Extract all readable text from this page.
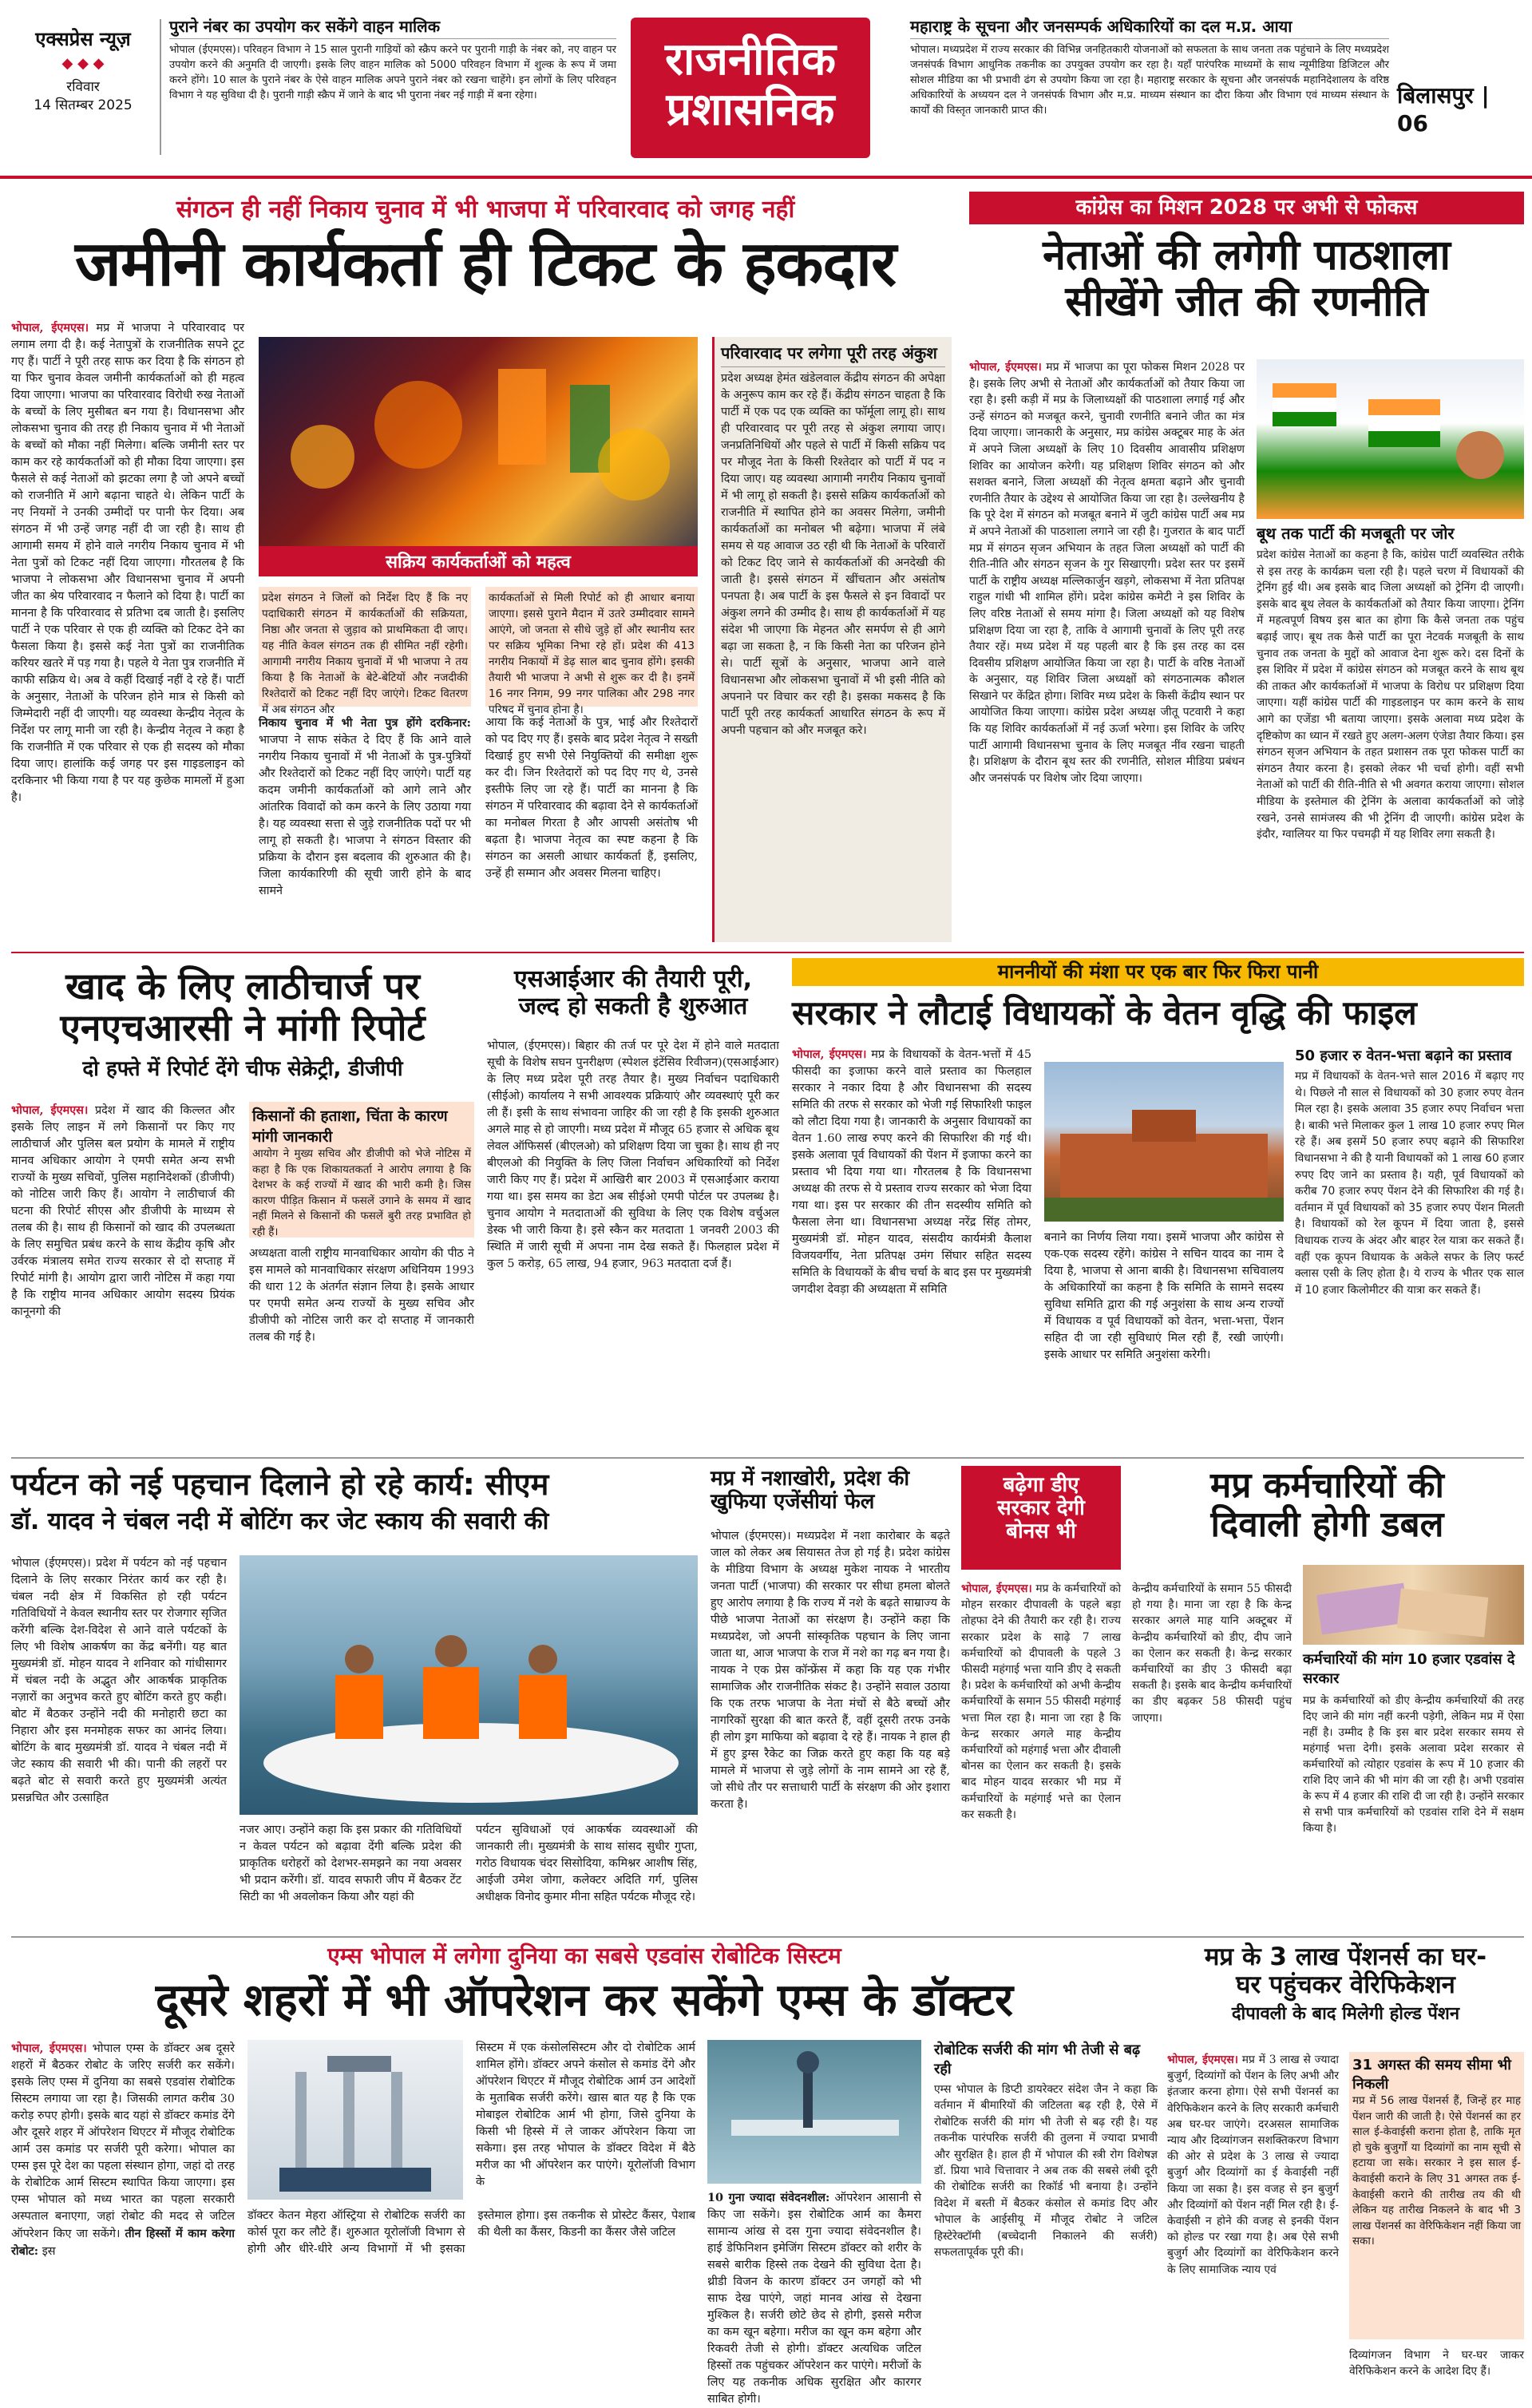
एक्सप्रेस न्यूज़
◆ ◆ ◆
रविवार
14 सितम्बर 2025
पुराने नंबर का उपयोग कर सकेंगे वाहन मालिक
भोपाल (ईएमएस)। परिवहन विभाग ने 15 साल पुरानी गाड़ियों को स्क्रैप करने पर पुरानी गाड़ी के नंबर को, नए वाहन पर उपयोग करने की अनुमति दी जाएगी। इसके लिए वाहन मालिक को 5000 परिवहन विभाग में शुल्क के रूप में जमा करने होंगे। 10 साल के पुराने नंबर के ऐसे वाहन मालिक अपने पुराने नंबर को रखना चाहेंगे। इन लोगों के लिए परिवहन विभाग ने यह सुविधा दी है। पुरानी गाड़ी स्क्रैप में जाने के बाद भी पुराना नंबर नई गाड़ी में बना रहेगा।
राजनीतिक
प्रशासनिक
महाराष्ट्र के सूचना और जनसम्पर्क अधिकारियों का दल म.प्र. आया
भोपाल। मध्यप्रदेश में राज्य सरकार की विभिन्न जनहितकारी योजनाओं को सफलता के साथ जनता तक पहुंचाने के लिए मध्यप्रदेश जनसंपर्क विभाग आधुनिक तकनीक का उपयुक्त उपयोग कर रहा है। यहाँ पारंपरिक माध्यमों के साथ न्यूमीडिया डिजिटल और सोशल मीडिया का भी प्रभावी ढंग से उपयोग किया जा रहा है। महाराष्ट्र सरकार के सूचना और जनसंपर्क महानिदेशालय के वरिष्ठ अधिकारियों के अध्ययन दल ने जनसंपर्क विभाग और म.प्र. माध्यम संस्थान का दौरा किया और विभाग एवं माध्यम संस्थान के कार्यों की विस्तृत जानकारी प्राप्त की।
बिलासपुर | 06
संगठन ही नहीं निकाय चुनाव में भी भाजपा में परिवारवाद को जगह नहीं
जमीनी कार्यकर्ता ही टिकट के हकदार
भोपाल, ईएमएस। मप्र में भाजपा ने परिवारवाद पर लगाम लगा दी है। कई नेतापुत्रों के राजनीतिक सपने टूट गए हैं। पार्टी ने पूरी तरह साफ कर दिया है कि संगठन हो या फिर चुनाव केवल जमीनी कार्यकर्ताओं को ही महत्व दिया जाएगा। भाजपा का परिवारवाद विरोधी रुख नेताओं के बच्चों के लिए मुसीबत बन गया है। विधानसभा और लोकसभा चुनाव की तरह ही निकाय चुनाव में भी नेताओं के बच्चों को मौका नहीं मिलेगा। बल्कि जमीनी स्तर पर काम कर रहे कार्यकर्ताओं को ही मौका दिया जाएगा। इस फैसले से कई नेताओं को झटका लगा है जो अपने बच्चों को राजनीति में आगे बढ़ाना चाहते थे। लेकिन पार्टी के नए नियमों ने उनकी उम्मीदों पर पानी फेर दिया। अब संगठन में भी उन्हें जगह नहीं दी जा रही है। साथ ही आगामी समय में होने वाले नगरीय निकाय चुनाव में भी नेता पुत्रों को टिकट नहीं दिया जाएगा। गौरतलब है कि भाजपा ने लोकसभा और विधानसभा चुनाव में अपनी जीत का श्रेय परिवारवाद न फैलाने को दिया है। पार्टी का मानना है कि परिवारवाद से प्रतिभा दब जाती है। इसलिए पार्टी ने एक परिवार से एक ही व्यक्ति को टिकट देने का फैसला किया है। इससे कई नेता पुत्रों का राजनीतिक करियर खतरे में पड़ गया है। पहले ये नेता पुत्र राजनीति में काफी सक्रिय थे। अब वे कहीं दिखाई नहीं दे रहे हैं। पार्टी के अनुसार, नेताओं के परिजन होने मात्र से किसी को जिम्मेदारी नहीं दी जाएगी। यह व्यवस्था केन्द्रीय नेतृत्व के निर्देश पर लागू मानी जा रही है। केन्द्रीय नेतृत्व ने कहा है कि राजनीति में एक परिवार से एक ही सदस्य को मौका दिया जाए। हालांकि कई जगह पर इस गाइडलाइन को दरकिनार भी किया गया है पर यह कुछेक मामलों में हुआ है।
सक्रिय कार्यकर्ताओं को महत्व
प्रदेश संगठन ने जिलों को निर्देश दिए हैं कि नए पदाधिकारी संगठन में कार्यकर्ताओं की सक्रियता, निष्ठा और जनता से जुड़ाव को प्राथमिकता दी जाए। यह नीति केवल संगठन तक ही सीमित नहीं रहेगी। आगामी नगरीय निकाय चुनावों में भी भाजपा ने तय किया है कि नेताओं के बेटे-बेटियों और नजदीकी रिश्तेदारों को टिकट नहीं दिए जाएंगे। टिकट वितरण में अब संगठन और
निकाय चुनाव में भी नेता पुत्र होंगे दरकिनार: भाजपा ने साफ संकेत दे दिए हैं कि आने वाले नगरीय निकाय चुनावों में भी नेताओं के पुत्र-पुत्रियों और रिश्तेदारों को टिकट नहीं दिए जाएंगे। पार्टी यह कदम जमीनी कार्यकर्ताओं को आगे लाने और आंतरिक विवादों को कम करने के लिए उठाया गया है। यह व्यवस्था सत्ता से जुड़े राजनीतिक पदों पर भी लागू हो सकती है। भाजपा ने संगठन विस्तार की प्रक्रिया के दौरान इस बदलाव की शुरुआत की है। जिला कार्यकारिणी की सूची जारी होने के बाद सामने
कार्यकर्ताओं से मिली रिपोर्ट को ही आधार बनाया जाएगा। इससे पुराने मैदान में उतरे उम्मीदवार सामने आएंगे, जो जनता से सीधे जुड़े हों और स्थानीय स्तर पर सक्रिय भूमिका निभा रहे हों। प्रदेश की 413 नगरीय निकायों में डेढ़ साल बाद चुनाव होंगे। इसकी तैयारी भी भाजपा ने अभी से शुरू कर दी है। इनमें 16 नगर निगम, 99 नगर पालिका और 298 नगर परिषद में चुनाव होना है।
आया कि कई नेताओं के पुत्र, भाई और रिश्तेदारों को पद दिए गए हैं। इसके बाद प्रदेश नेतृत्व ने सख्ती दिखाई हुए सभी ऐसे नियुक्तियों की समीक्षा शुरू कर दी। जिन रिश्तेदारों को पद दिए गए थे, उनसे इस्तीफे लिए जा रहे हैं। पार्टी का मानना है कि संगठन में परिवारवाद की बढ़ावा देने से कार्यकर्ताओं का मनोबल गिरता है और आपसी असंतोष भी बढ़ता है। भाजपा नेतृत्व का स्पष्ट कहना है कि संगठन का असली आधार कार्यकर्ता हैं, इसलिए, उन्हें ही सम्मान और अवसर मिलना चाहिए।
परिवारवाद पर लगेगा पूरी तरह अंकुश
प्रदेश अध्यक्ष हेमंत खंडेलवाल केंद्रीय संगठन की अपेक्षा के अनुरूप काम कर रहे हैं। केंद्रीय संगठन चाहता है कि पार्टी में एक पद एक व्यक्ति का फॉर्मूला लागू हो। साथ ही परिवारवाद पर पूरी तरह से अंकुश लगाया जाए। जनप्रतिनिधियों और पहले से पार्टी में किसी सक्रिय पद पर मौजूद नेता के किसी रिश्तेदार को पार्टी में पद न दिया जाए। यह व्यवस्था आगामी नगरीय निकाय चुनावों में भी लागू हो सकती है। इससे सक्रिय कार्यकर्ताओं को राजनीति में स्थापित होने का अवसर मिलेगा, जमीनी कार्यकर्ताओं का मनोबल भी बढ़ेगा। भाजपा में लंबे समय से यह आवाज उठ रही थी कि नेताओं के परिवारों को टिकट दिए जाने से कार्यकर्ताओं की अनदेखी की जाती है। इससे संगठन में खींचतान और असंतोष पनपता है। अब पार्टी के इस फैसले से इन विवादों पर अंकुश लगने की उम्मीद है। साथ ही कार्यकर्ताओं में यह संदेश भी जाएगा कि मेहनत और समर्पण से ही आगे बढ़ा जा सकता है, न कि किसी नेता का परिजन होने से। पार्टी सूत्रों के अनुसार, भाजपा आने वाले विधानसभा और लोकसभा चुनावों में भी इसी नीति को अपनाने पर विचार कर रही है। इसका मकसद है कि पार्टी पूरी तरह कार्यकर्ता आधारित संगठन के रूप में अपनी पहचान को और मजबूत करे।
कांग्रेस का मिशन 2028 पर अभी से फोकस
नेताओं की लगेगी पाठशाला
सीखेंगे जीत की रणनीति
भोपाल, ईएमएस। मप्र में भाजपा का पूरा फोकस मिशन 2028 पर है। इसके लिए अभी से नेताओं और कार्यकर्ताओं को तैयार किया जा रहा है। इसी कड़ी में मप्र के जिलाध्यक्षों की पाठशाला लगाई गई और उन्हें संगठन को मजबूत करने, चुनावी रणनीति बनाने जीत का मंत्र दिया जाएगा। जानकारी के अनुसार, मप्र कांग्रेस अक्टूबर माह के अंत में अपने जिला अध्यक्षों के लिए 10 दिवसीय आवासीय प्रशिक्षण शिविर का आयोजन करेगी। यह प्रशिक्षण शिविर संगठन को और सशक्त बनाने, जिला अध्यक्षों की नेतृत्व क्षमता बढ़ाने और चुनावी रणनीति तैयार के उद्देश्य से आयोजित किया जा रहा है। उल्लेखनीय है कि पूरे देश में संगठन को मजबूत बनाने में जुटी कांग्रेस पार्टी अब मप्र में अपने नेताओं की पाठशाला लगाने जा रही है। गुजरात के बाद पार्टी मप्र में संगठन सृजन अभियान के तहत जिला अध्यक्षों को पार्टी की रीति-नीति और संगठन सृजन के गुर सिखाएगी। प्रदेश स्तर पर इसमें पार्टी के राष्ट्रीय अध्यक्ष मल्लिकार्जुन खड़गे, लोकसभा में नेता प्रतिपक्ष राहुल गांधी भी शामिल होंगे। प्रदेश कांग्रेस कमेटी ने इस शिविर के लिए वरिष्ठ नेताओं से समय मांगा है। जिला अध्यक्षों को यह विशेष प्रशिक्षण दिया जा रहा है, ताकि वे आगामी चुनावों के लिए पूरी तरह तैयार रहें। मध्य प्रदेश में यह पहली बार है कि इस तरह का दस दिवसीय प्रशिक्षण आयोजित किया जा रहा है। पार्टी के वरिष्ठ नेताओं के अनुसार, यह शिविर जिला अध्यक्षों को संगठनात्मक कौशल सिखाने पर केंद्रित होगा। शिविर मध्य प्रदेश के किसी केंद्रीय स्थान पर आयोजित किया जाएगा। कांग्रेस प्रदेश अध्यक्ष जीतू पटवारी ने कहा कि यह शिविर कार्यकर्ताओं में नई ऊर्जा भरेगा। इस शिविर के जरिए पार्टी आगामी विधानसभा चुनाव के लिए मजबूत नींव रखना चाहती है। प्रशिक्षण के दौरान बूथ स्तर की रणनीति, सोशल मीडिया प्रबंधन और जनसंपर्क पर विशेष जोर दिया जाएगा।
बूथ तक पार्टी की मजबूती पर जोर
प्रदेश कांग्रेस नेताओं का कहना है कि, कांग्रेस पार्टी व्यवस्थित तरीके से इस तरह के कार्यक्रम चला रही है। पहले चरण में विधायकों की ट्रेनिंग हुई थी। अब इसके बाद जिला अध्यक्षों को ट्रेनिंग दी जाएगी। इसके बाद बूथ लेवल के कार्यकर्ताओं को तैयार किया जाएगा। ट्रेनिंग में महत्वपूर्ण विषय इस बात का होगा कि कैसे जनता तक पहुंच बढ़ाई जाए। बूथ तक कैसे पार्टी का पूरा नेटवर्क मजबूती के साथ चुनाव तक जनता के मुद्दों को आवाज देना शुरू करे। दस दिनों के इस शिविर में प्रदेश में कांग्रेस संगठन को मजबूत करने के साथ बूथ की ताकत और कार्यकर्ताओं में भाजपा के विरोध पर प्रशिक्षण दिया जाएगा। यहीं कांग्रेस पार्टी की गाइडलाइन पर काम करने के साथ आगे का एजेंडा भी बताया जाएगा। इसके अलावा मध्य प्रदेश के दृष्टिकोण का ध्यान में रखते हुए अलग-अलग एंजेडा तैयार किया। इस संगठन सृजन अभियान के तहत प्रशासन तक पूरा फोकस पार्टी का संगठन तैयार करना है। इसको लेकर भी चर्चा होगी। वहीं सभी नेताओं को पार्टी की रीति-नीति से भी अवगत कराया जाएगा। सोशल मीडिया के इस्तेमाल की ट्रेनिंग के अलावा कार्यकर्ताओं को जोड़े रखने, उनसे सामंजस्य की भी ट्रेनिंग दी जाएगी। कांग्रेस प्रदेश के इंदौर, ग्वालियर या फिर पचमढ़ी में यह शिविर लगा सकती है।
खाद के लिए लाठीचार्ज पर
एनएचआरसी ने मांगी रिपोर्ट
दो हफ्ते में रिपोर्ट देंगे चीफ सेक्रेट्री, डीजीपी
भोपाल, ईएमएस। प्रदेश में खाद की किल्लत और इसके लिए लाइन में लगे किसानों पर किए गए लाठीचार्ज और पुलिस बल प्रयोग के मामले में राष्ट्रीय मानव अधिकार आयोग ने एमपी समेत अन्य सभी राज्यों के मुख्य सचिवों, पुलिस महानिदेशकों (डीजीपी) को नोटिस जारी किए हैं। आयोग ने लाठीचार्ज की घटना की रिपोर्ट सीएस और डीजीपी के माध्यम से तलब की है। साथ ही किसानों को खाद की उपलब्धता के लिए समुचित प्रबंध करने के साथ केंद्रीय कृषि और उर्वरक मंत्रालय समेत राज्य सरकार से दो सप्ताह में रिपोर्ट मांगी है। आयोग द्वारा जारी नोटिस में कहा गया है कि राष्ट्रीय मानव अधिकार आयोग सदस्य प्रियंक कानूनगो की
किसानों की हताशा, चिंता के कारण मांगी जानकारी
आयोग ने मुख्य सचिव और डीजीपी को भेजे नोटिस में कहा है कि एक शिकायतकर्ता ने आरोप लगाया है कि देशभर के कई राज्यों में खाद की भारी कमी है। जिस कारण पीड़ित किसान में फसलें उगाने के समय में खाद नहीं मिलने से किसानों की फसलें बुरी तरह प्रभावित हो रही हैं।
अध्यक्षता वाली राष्ट्रीय मानवाधिकार आयोग की पीठ ने इस मामले को मानवाधिकार संरक्षण अधिनियम 1993 की धारा 12 के अंतर्गत संज्ञान लिया है। इसके आधार पर एमपी समेत अन्य राज्यों के मुख्य सचिव और डीजीपी को नोटिस जारी कर दो सप्ताह में जानकारी तलब की गई है।
एसआईआर की तैयारी पूरी,
जल्द हो सकती है शुरुआत
भोपाल, (ईएमएस)। बिहार की तर्ज पर पूरे देश में होने वाले मतदाता सूची के विशेष सघन पुनरीक्षण (स्पेशल इंटेंसिव रिवीजन)(एसआईआर) के लिए मध्य प्रदेश पूरी तरह तैयार है। मुख्य निर्वाचन पदाधिकारी (सीईओ) कार्यालय ने सभी आवश्यक प्रक्रियाएं और व्यवस्थाएं पूरी कर ली हैं। इसी के साथ संभावना जाहिर की जा रही है कि इसकी शुरुआत अगले माह से हो जाएगी। मध्य प्रदेश में मौजूद 65 हजार से अधिक बूथ लेवल ऑफिसर्स (बीएलओ) को प्रशिक्षण दिया जा चुका है। साथ ही नए बीएलओ की नियुक्ति के लिए जिला निर्वाचन अधिकारियों को निर्देश जारी किए गए हैं। प्रदेश में आखिरी बार 2003 में एसआईआर कराया गया था। इस समय का डेटा अब सीईओ एमपी पोर्टल पर उपलब्ध है। चुनाव आयोग ने मतदाताओं की सुविधा के लिए एक विशेष वर्चुअल डेस्क भी जारी किया है। इसे स्कैन कर मतदाता 1 जनवरी 2003 की स्थिति में जारी सूची में अपना नाम देख सकते हैं। फिलहाल प्रदेश में कुल 5 करोड़, 65 लाख, 94 हजार, 963 मतदाता दर्ज हैं।
माननीयों की मंशा पर एक बार फिर फिरा पानी
सरकार ने लौटाई विधायकों के वेतन वृद्धि की फाइल
भोपाल, ईएमएस। मप्र के विधायकों के वेतन-भत्तों में 45 फीसदी का इजाफा करने वाले प्रस्ताव का फिलहाल सरकार ने नकार दिया है और विधानसभा की सदस्य समिति की तरफ से सरकार को भेजी गई सिफारिशी फाइल को लौटा दिया गया है। जानकारी के अनुसार विधायकों का वेतन 1.60 लाख रुपए करने की सिफारिश की गई थी। इसके अलावा पूर्व विधायकों की पेंशन में इजाफा करने का प्रस्ताव भी दिया गया था। गौरतलब है कि विधानसभा अध्यक्ष की तरफ से ये प्रस्ताव राज्य सरकार को भेजा दिया गया था। इस पर सरकार की तीन सदस्यीय समिति को फैसला लेना था। विधानसभा अध्यक्ष नरेंद्र सिंह तोमर, मुख्यमंत्री डॉ. मोहन यादव, संसदीय कार्यमंत्री कैलाश विजयवर्गीय, नेता प्रतिपक्ष उमंग सिंघार सहित सदस्य समिति के विधायकों के बीच चर्चा के बाद इस पर मुख्यमंत्री जगदीश देवड़ा की अध्यक्षता में समिति
बनाने का निर्णय लिया गया। इसमें भाजपा और कांग्रेस से एक-एक सदस्य रहेंगे। कांग्रेस ने सचिन यादव का नाम दे दिया है, भाजपा से आना बाकी है। विधानसभा सचिवालय के अधिकारियों का कहना है कि समिति के सामने सदस्य सुविधा समिति द्वारा की गई अनुशंसा के साथ अन्य राज्यों में विधायक व पूर्व विधायकों को वेतन, भत्ता-भत्ता, पेंशन सहित दी जा रही सुविधाएं मिल रही हैं, रखी जाएंगी। इसके आधार पर समिति अनुशंसा करेगी।
50 हजार रु वेतन-भत्ता बढ़ाने का प्रस्ताव
मप्र में विधायकों के वेतन-भत्ते साल 2016 में बढ़ाए गए थे। पिछले नौ साल से विधायकों को 30 हजार रुपए वेतन मिल रहा है। इसके अलावा 35 हजार रुपए निर्वाचन भत्ता है। बाकी भत्ते मिलाकर कुल 1 लाख 10 हजार रुपए मिल रहे हैं। अब इसमें 50 हजार रुपए बढ़ाने की सिफारिश विधानसभा ने की है यानी विधायकों को 1 लाख 60 हजार रुपए दिए जाने का प्रस्ताव है। यही, पूर्व विधायकों को करीब 70 हजार रुपए पेंशन देने की सिफारिश की गई है। वर्तमान में पूर्व विधायकों को 35 हजार रुपए पेंशन मिलती है। विधायकों को रेल कूपन में दिया जाता है, इससे विधायक राज्य के अंदर और बाहर रेल यात्रा कर सकते हैं। वहीं एक कूपन विधायक के अकेले सफर के लिए फर्स्ट क्लास एसी के लिए होता है। ये राज्य के भीतर एक साल में 10 हजार किलोमीटर की यात्रा कर सकते हैं।
पर्यटन को नई पहचान दिलाने हो रहे कार्य: सीएम
डॉ. यादव ने चंबल नदी में बोटिंग कर जेट स्काय की सवारी की
भोपाल (ईएमएस)। प्रदेश में पर्यटन को नई पहचान दिलाने के लिए सरकार निरंतर कार्य कर रही है। चंबल नदी क्षेत्र में विकसित हो रही पर्यटन गतिविधियों ने केवल स्थानीय स्तर पर रोजगार सृजित करेंगी बल्कि देश-विदेश से आने वाले पर्यटकों के लिए भी विशेष आकर्षण का केंद्र बनेंगी। यह बात मुख्यमंत्री डॉ. मोहन यादव ने शनिवार को गांधीसागर में चंबल नदी के अद्भुत और आकर्षक प्राकृतिक नज़ारों का अनुभव करते हुए बोटिंग करते हुए कही। बोट में बैठकर उन्होंने नदी की मनोहारी छटा का निहारा और इस मनमोहक सफर का आनंद लिया। बोटिंग के बाद मुख्यमंत्री डॉ. यादव ने चंबल नदी में जेट स्काय की सवारी भी की। पानी की लहरों पर बढ़ते बोट से सवारी करते हुए मुख्यमंत्री अत्यंत प्रसन्नचित और उत्साहित
नजर आए। उन्होंने कहा कि इस प्रकार की गतिविधियों न केवल पर्यटन को बढ़ावा देंगी बल्कि प्रदेश की प्राकृतिक धरोहरों को देशभर-समझने का नया अवसर भी प्रदान करेंगी। डॉ. यादव सफारी जीप में बैठकर टेंट सिटी का भी अवलोकन किया और यहां की
पर्यटन सुविधाओं एवं आकर्षक व्यवस्थाओं की जानकारी ली। मुख्यमंत्री के साथ सांसद सुधीर गुप्ता, गरोठ विधायक चंदर सिसोदिया, कमिश्नर आशीष सिंह, आईजी उमेश जोगा, कलेक्टर अदिति गर्ग, पुलिस अधीक्षक विनोद कुमार मीना सहित पर्यटक मौजूद रहे।
मप्र में नशाखोरी, प्रदेश की
खुफिया एजेंसीयां फेल
भोपाल (ईएमएस)। मध्यप्रदेश में नशा कारोबार के बढ़ते जाल को लेकर अब सियासत तेज हो गई है। प्रदेश कांग्रेस के मीडिया विभाग के अध्यक्ष मुकेश नायक ने भारतीय जनता पार्टी (भाजपा) की सरकार पर सीधा हमला बोलते हुए आरोप लगाया है कि राज्य में नशे के बढ़ते साम्राज्य के पीछे भाजपा नेताओं का संरक्षण है। उन्होंने कहा कि मध्यप्रदेश, जो अपनी सांस्कृतिक पहचान के लिए जाना जाता था, आज भाजपा के राज में नशे का गढ़ बन गया है। नायक ने एक प्रेस कॉन्फ्रेंस में कहा कि यह एक गंभीर सामाजिक और राजनीतिक संकट है। उन्होंने सवाल उठाया कि एक तरफ भाजपा के नेता मंचों से बैठे बच्चों और नागरिकों सुरक्षा की बात करते हैं, वहीं दूसरी तरफ उनके ही लोग ड्रग माफिया को बढ़ावा दे रहे हैं। नायक ने हाल ही में हुए ड्रग्स रैकेट का जिक्र करते हुए कहा कि यह बड़े मामले में भाजपा से जुड़े लोगों के नाम सामने आ रहे हैं, जो सीधे तौर पर सत्ताधारी पार्टी के संरक्षण की ओर इशारा करता है।
बढ़ेगा डीए
सरकार देगी
बोनस भी
मप्र कर्मचारियों की
दिवाली होगी डबल
भोपाल, ईएमएस। मप्र के कर्मचारियों को मोहन सरकार दीपावली के पहले बड़ा तोहफा देने की तैयारी कर रही है। राज्य सरकार प्रदेश के साढ़े 7 लाख कर्मचारियों को दीपावली के पहले 3 फीसदी महंगाई भत्ता यानि डीए दे सकती है। प्रदेश के कर्मचारियों को अभी केन्द्रीय कर्मचारियों के समान 55 फीसदी महंगाई भत्ता मिल रहा है। माना जा रहा है कि केन्द्र सरकार अगले माह केन्द्रीय कर्मचारियों को महंगाई भत्ता और दीवाली बोनस का ऐलान कर सकती है। इसके बाद मोहन यादव सरकार भी मप्र में कर्मचारियों के महंगाई भत्ते का ऐलान कर सकती है।
केन्द्रीय कर्मचारियों के समान 55 फीसदी हो गया है। माना जा रहा है कि केन्द्र सरकार अगले माह यानि अक्टूबर में केन्द्रीय कर्मचारियों को डीए, दीप जाने का ऐलान कर सकती है। केन्द्र सरकार कर्मचारियों का डीए 3 फीसदी बढ़ा सकती है। इसके बाद केन्द्रीय कर्मचारियों का डीए बढ़कर 58 फीसदी पहुंच जाएगा।
कर्मचारियों की मांग 10 हजार एडवांस दे सरकार
मप्र के कर्मचारियों को डीए केन्द्रीय कर्मचारियों की तरह दिए जाने की मांग नहीं करनी पड़ेगी, लेकिन मप्र में ऐसा नहीं है। उम्मीद है कि इस बार प्रदेश सरकार समय से महंगाई भत्ता देगी। इसके अलावा प्रदेश सरकार से कर्मचारियों को त्योहार एडवांस के रूप में 10 हजार की राशि दिए जाने की भी मांग की जा रही है। अभी एडवांस के रूप में 4 हजार की राशि दी जा रही है। उन्होंने सरकार से सभी पात्र कर्मचारियों को एडवांस राशि देने में सक्षम किया है।
एम्स भोपाल में लगेगा दुनिया का सबसे एडवांस रोबोटिक सिस्टम
दूसरे शहरों में भी ऑपरेशन कर सकेंगे एम्स के डॉक्टर
भोपाल, ईएमएस। भोपाल एम्स के डॉक्टर अब दूसरे शहरों में बैठकर रोबोट के जरिए सर्जरी कर सकेंगे। इसके लिए एम्स में दुनिया का सबसे एडवांस रोबोटिक सिस्टम लगाया जा रहा है। जिसकी लागत करीब 30 करोड़ रुपए होगी। इसके बाद यहां से डॉक्टर कमांड देंगे और दूसरे शहर में ऑपरेशन थिएटर में मौजूद रोबोटिक आर्म उस कमांड पर सर्जरी पूरी करेगा। भोपाल का एम्स इस पूरे देश का पहला संस्थान होगा, जहां दो तरह के रोबोटिक आर्म सिस्टम स्थापित किया जाएगा। इस एम्स भोपाल को मध्य भारत का पहला सरकारी अस्पताल बनाएगा, जहां रोबोट की मदद से जटिल ऑपरेशन किए जा सकेंगे। तीन हिस्सों में काम करेगा रोबोट: इस
सिस्टम में एक कंसोलसिस्टम और दो रोबोटिक आर्म शामिल होंगे। डॉक्टर अपने कंसोल से कमांड देंगे और ऑपरेशन थिएटर में मौजूद रोबोटिक आर्म उन आदेशों के मुताबिक सर्जरी करेंगे। खास बात यह है कि एक मोबाइल रोबोटिक आर्म भी होगा, जिसे दुनिया के किसी भी हिस्से में ले जाकर ऑपरेशन किया जा सकेगा। इस तरह भोपाल के डॉक्टर विदेश में बैठे मरीज का भी ऑपरेशन कर पाएंगे। यूरोलॉजी विभाग के
डॉक्टर केतन मेहरा ऑस्ट्रिया से रोबोटिक सर्जरी का कोर्स पूरा कर लौटे हैं। शुरुआत यूरोलॉजी विभाग से होगी और धीरे-धीरे अन्य विभागों में भी इसका इस्तेमाल होगा। इस तकनीक से प्रोस्टेट कैंसर, पेशाब की थैली का कैंसर, किडनी का कैंसर जैसे जटिल
10 गुना ज्यादा संवेदनशील: ऑपरेशन आसानी से किए जा सकेंगे। इस रोबोटिक आर्म का कैमरा सामान्य आंख से दस गुना ज्यादा संवेदनशील है। हाई डेफिनिशन इमेजिंग सिस्टम डॉक्टर को शरीर के सबसे बारीक हिस्से तक देखने की सुविधा देता है। थ्रीडी विजन के कारण डॉक्टर उन जगहों को भी साफ देख पाएंगे, जहां मानव आंख से देखना मुश्किल है। सर्जरी छोटे छेद से होगी, इससे मरीज का कम खून बहेगा। मरीज का खून कम बहेगा और रिकवरी तेजी से होगी। डॉक्टर अत्यधिक जटिल हिस्सों तक पहुंचकर ऑपरेशन कर पाएंगे। मरीजों के लिए यह तकनीक अधिक सुरक्षित और कारगर साबित होगी।
रोबोटिक सर्जरी की मांग भी तेजी से बढ़ रही
एम्स भोपाल के डिप्टी डायरेक्टर संदेश जैन ने कहा कि वर्तमान में बीमारियों की जटिलता बढ़ रही है, ऐसे में रोबोटिक सर्जरी की मांग भी तेजी से बढ़ रही है। यह तकनीक पारंपरिक सर्जरी की तुलना में ज्यादा प्रभावी और सुरक्षित है। हाल ही में भोपाल की स्त्री रोग विशेषज्ञ डॉ. प्रिया भावे चित्तावार ने अब तक की सबसे लंबी दूरी की रोबोटिक सर्जरी का रिकॉर्ड भी बनाया है। उन्होंने विदेश में बस्ती में बैठकर कंसोल से कमांड दिए और भोपाल के आईसीयू में मौजूद रोबोट ने जटिल हिस्टेरेक्टॉमी (बच्चेदानी निकालने की सर्जरी) सफलतापूर्वक पूरी की।
मप्र के 3 लाख पेंशनर्स का घर-
घर पहुंचकर वेरिफिकेशन
दीपावली के बाद मिलेगी होल्ड पेंशन
भोपाल, ईएमएस। मप्र में 3 लाख से ज्यादा बुजुर्ग, दिव्यांगों को पेंशन के लिए अभी और इंतजार करना होगा। ऐसे सभी पेंशनर्स का वेरिफिकेशन करने के लिए सरकारी कर्मचारी अब घर-घर जाएंगे। दरअसल सामाजिक न्याय और दिव्यांगजन सशक्तिकरण विभाग की ओर से प्रदेश के 3 लाख से ज्यादा बुजुर्ग और दिव्यांगों का ई केवाईसी नहीं किया जा सका है। इस वजह से इन बुजुर्ग और दिव्यांगों को पेंशन नहीं मिल रही है। ई-केवाईसी न होने की वजह से इनकी पेंशन को होल्ड पर रखा गया है। अब ऐसे सभी बुजुर्ग और दिव्यांगों का वेरिफिकेशन करने के लिए सामाजिक न्याय एवं
31 अगस्त की समय सीमा भी निकली
मप्र में 56 लाख पेंशनर्स हैं, जिन्हें हर माह पेंशन जारी की जाती है। ऐसे पेंशनर्स का हर साल ई-केवाईसी कराना होता है, ताकि मृत हो चुके बुजुर्गों या दिव्यांगों का नाम सूची से हटाया जा सके। सरकार ने इस साल ई-केवाईसी कराने के लिए 31 अगस्त तक ई-केवाईसी कराने की तारीख तय की थी लेकिन यह तारीख निकलने के बाद भी 3 लाख पेंशनर्स का वेरिफिकेशन नहीं किया जा सका।
दिव्यांगजन विभाग ने घर-घर जाकर वेरिफिकेशन करने के आदेश दिए हैं।
